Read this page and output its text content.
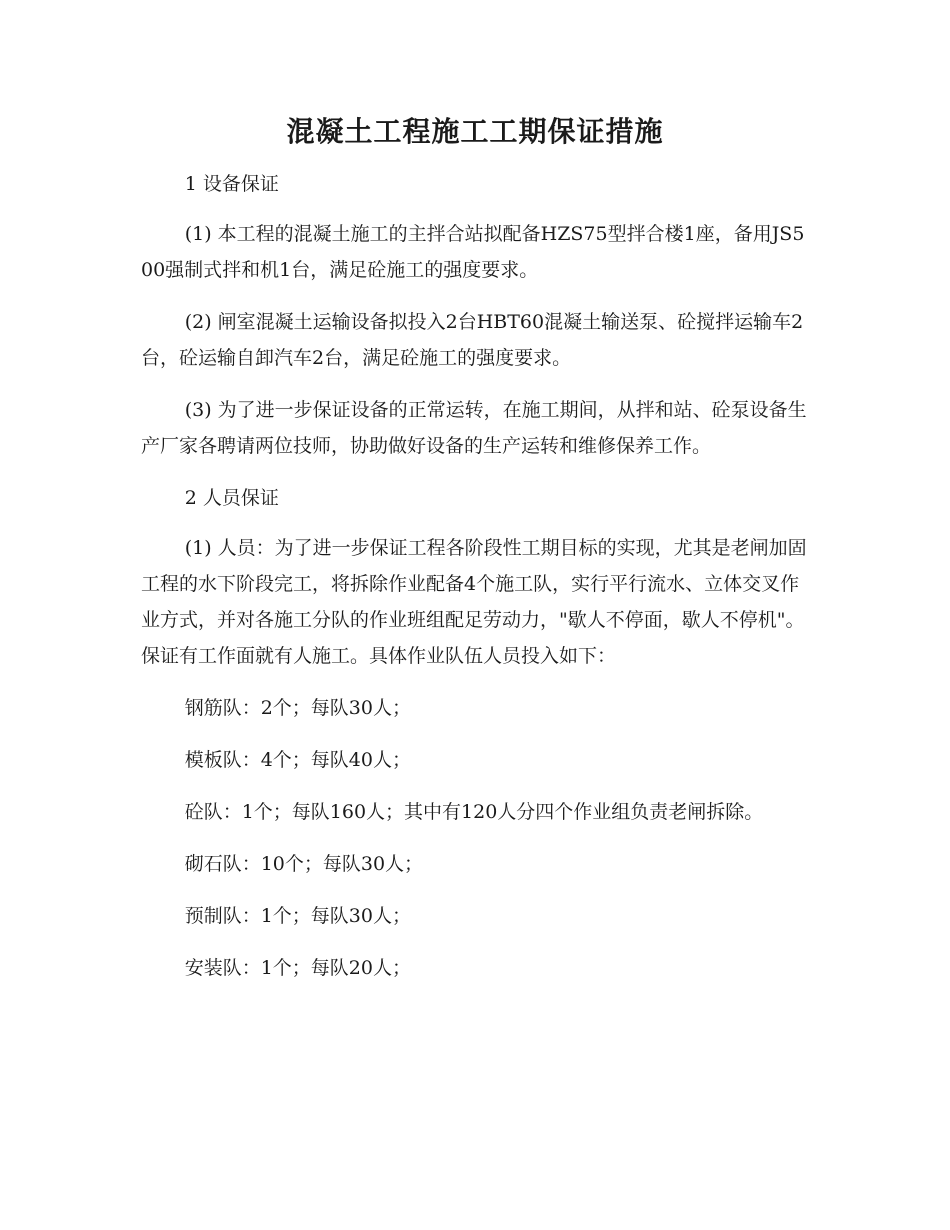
混凝土工程施工工期保证措施

1 设备保证

(1) 本工程的混凝土施工的主拌合站拟配备HZS75型拌合楼1座，备用JS500强制式拌和机1台，满足砼施工的强度要求。

(2) 闸室混凝土运输设备拟投入2台HBT60混凝土输送泵、砼搅拌运输车2台，砼运输自卸汽车2台，满足砼施工的强度要求。

(3) 为了进一步保证设备的正常运转，在施工期间，从拌和站、砼泵设备生产厂家各聘请两位技师，协助做好设备的生产运转和维修保养工作。

2 人员保证

(1) 人员：为了进一步保证工程各阶段性工期目标的实现，尤其是老闸加固工程的水下阶段完工，将拆除作业配备4个施工队，实行平行流水、立体交叉作业方式，并对各施工分队的作业班组配足劳动力，"歇人不停面，歇人不停机"。保证有工作面就有人施工。具体作业队伍人员投入如下：

钢筋队：2个；每队30人；

模板队：4个；每队40人；

砼队：1个；每队160人；其中有120人分四个作业组负责老闸拆除。

砌石队：10个；每队30人；

预制队：1个；每队30人；

安装队：1个；每队20人；
